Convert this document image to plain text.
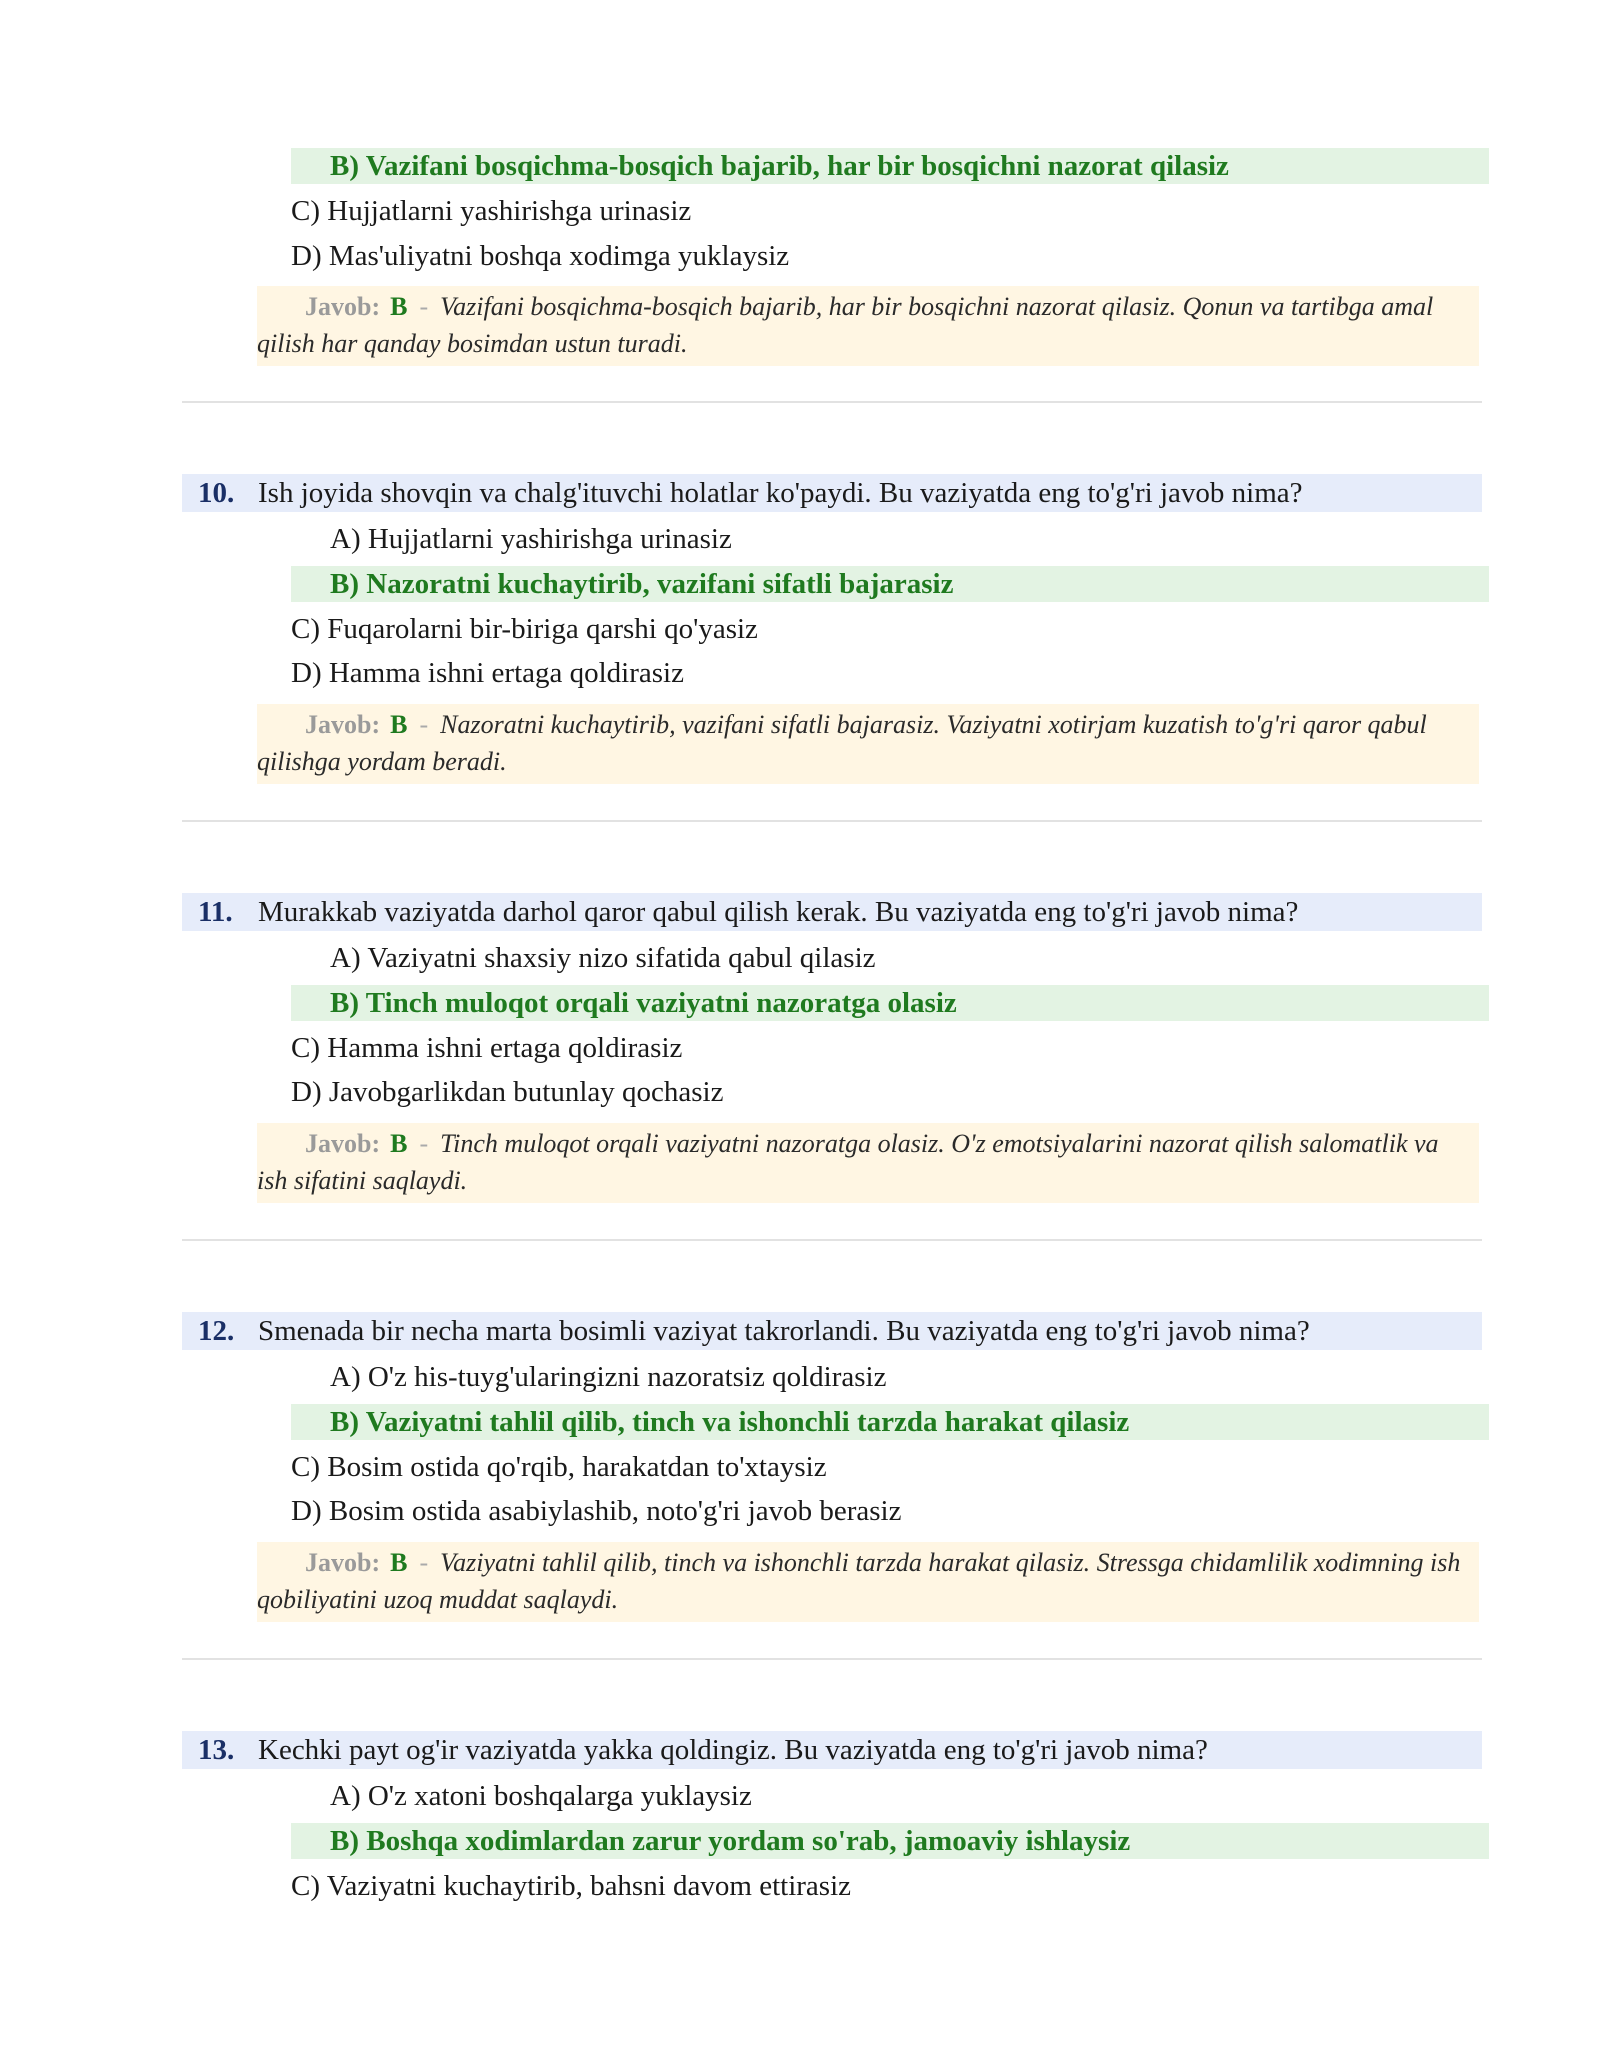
B) Vazifani bosqichma-bosqich bajarib, har bir bosqichni nazorat qilasiz
C) Hujjatlarni yashirishga urinasiz
D) Mas'uliyatni boshqa xodimga yuklaysiz
Javob: B - Vazifani bosqichma-bosqich bajarib, har bir bosqichni nazorat qilasiz. Qonun va tartibga amal qilish har qanday bosimdan ustun turadi.
10. Ish joyida shovqin va chalg'ituvchi holatlar ko'paydi. Bu vaziyatda eng to'g'ri javob nima?
A) Hujjatlarni yashirishga urinasiz
B) Nazoratni kuchaytirib, vazifani sifatli bajarasiz
C) Fuqarolarni bir-biriga qarshi qo'yasiz
D) Hamma ishni ertaga qoldirasiz
Javob: B - Nazoratni kuchaytirib, vazifani sifatli bajarasiz. Vaziyatni xotirjam kuzatish to'g'ri qaror qabul qilishga yordam beradi.
11. Murakkab vaziyatda darhol qaror qabul qilish kerak. Bu vaziyatda eng to'g'ri javob nima?
A) Vaziyatni shaxsiy nizo sifatida qabul qilasiz
B) Tinch muloqot orqali vaziyatni nazoratga olasiz
C) Hamma ishni ertaga qoldirasiz
D) Javobgarlikdan butunlay qochasiz
Javob: B - Tinch muloqot orqali vaziyatni nazoratga olasiz. O'z emotsiyalarini nazorat qilish salomatlik va ish sifatini saqlaydi.
12. Smenada bir necha marta bosimli vaziyat takrorlandi. Bu vaziyatda eng to'g'ri javob nima?
A) O'z his-tuyg'ularingizni nazoratsiz qoldirasiz
B) Vaziyatni tahlil qilib, tinch va ishonchli tarzda harakat qilasiz
C) Bosim ostida qo'rqib, harakatdan to'xtaysiz
D) Bosim ostida asabiylashib, noto'g'ri javob berasiz
Javob: B - Vaziyatni tahlil qilib, tinch va ishonchli tarzda harakat qilasiz. Stressga chidamlilik xodimning ish qobiliyatini uzoq muddat saqlaydi.
13. Kechki payt og'ir vaziyatda yakka qoldingiz. Bu vaziyatda eng to'g'ri javob nima?
A) O'z xatoni boshqalarga yuklaysiz
B) Boshqa xodimlardan zarur yordam so'rab, jamoaviy ishlaysiz
C) Vaziyatni kuchaytirib, bahsni davom ettirasiz
